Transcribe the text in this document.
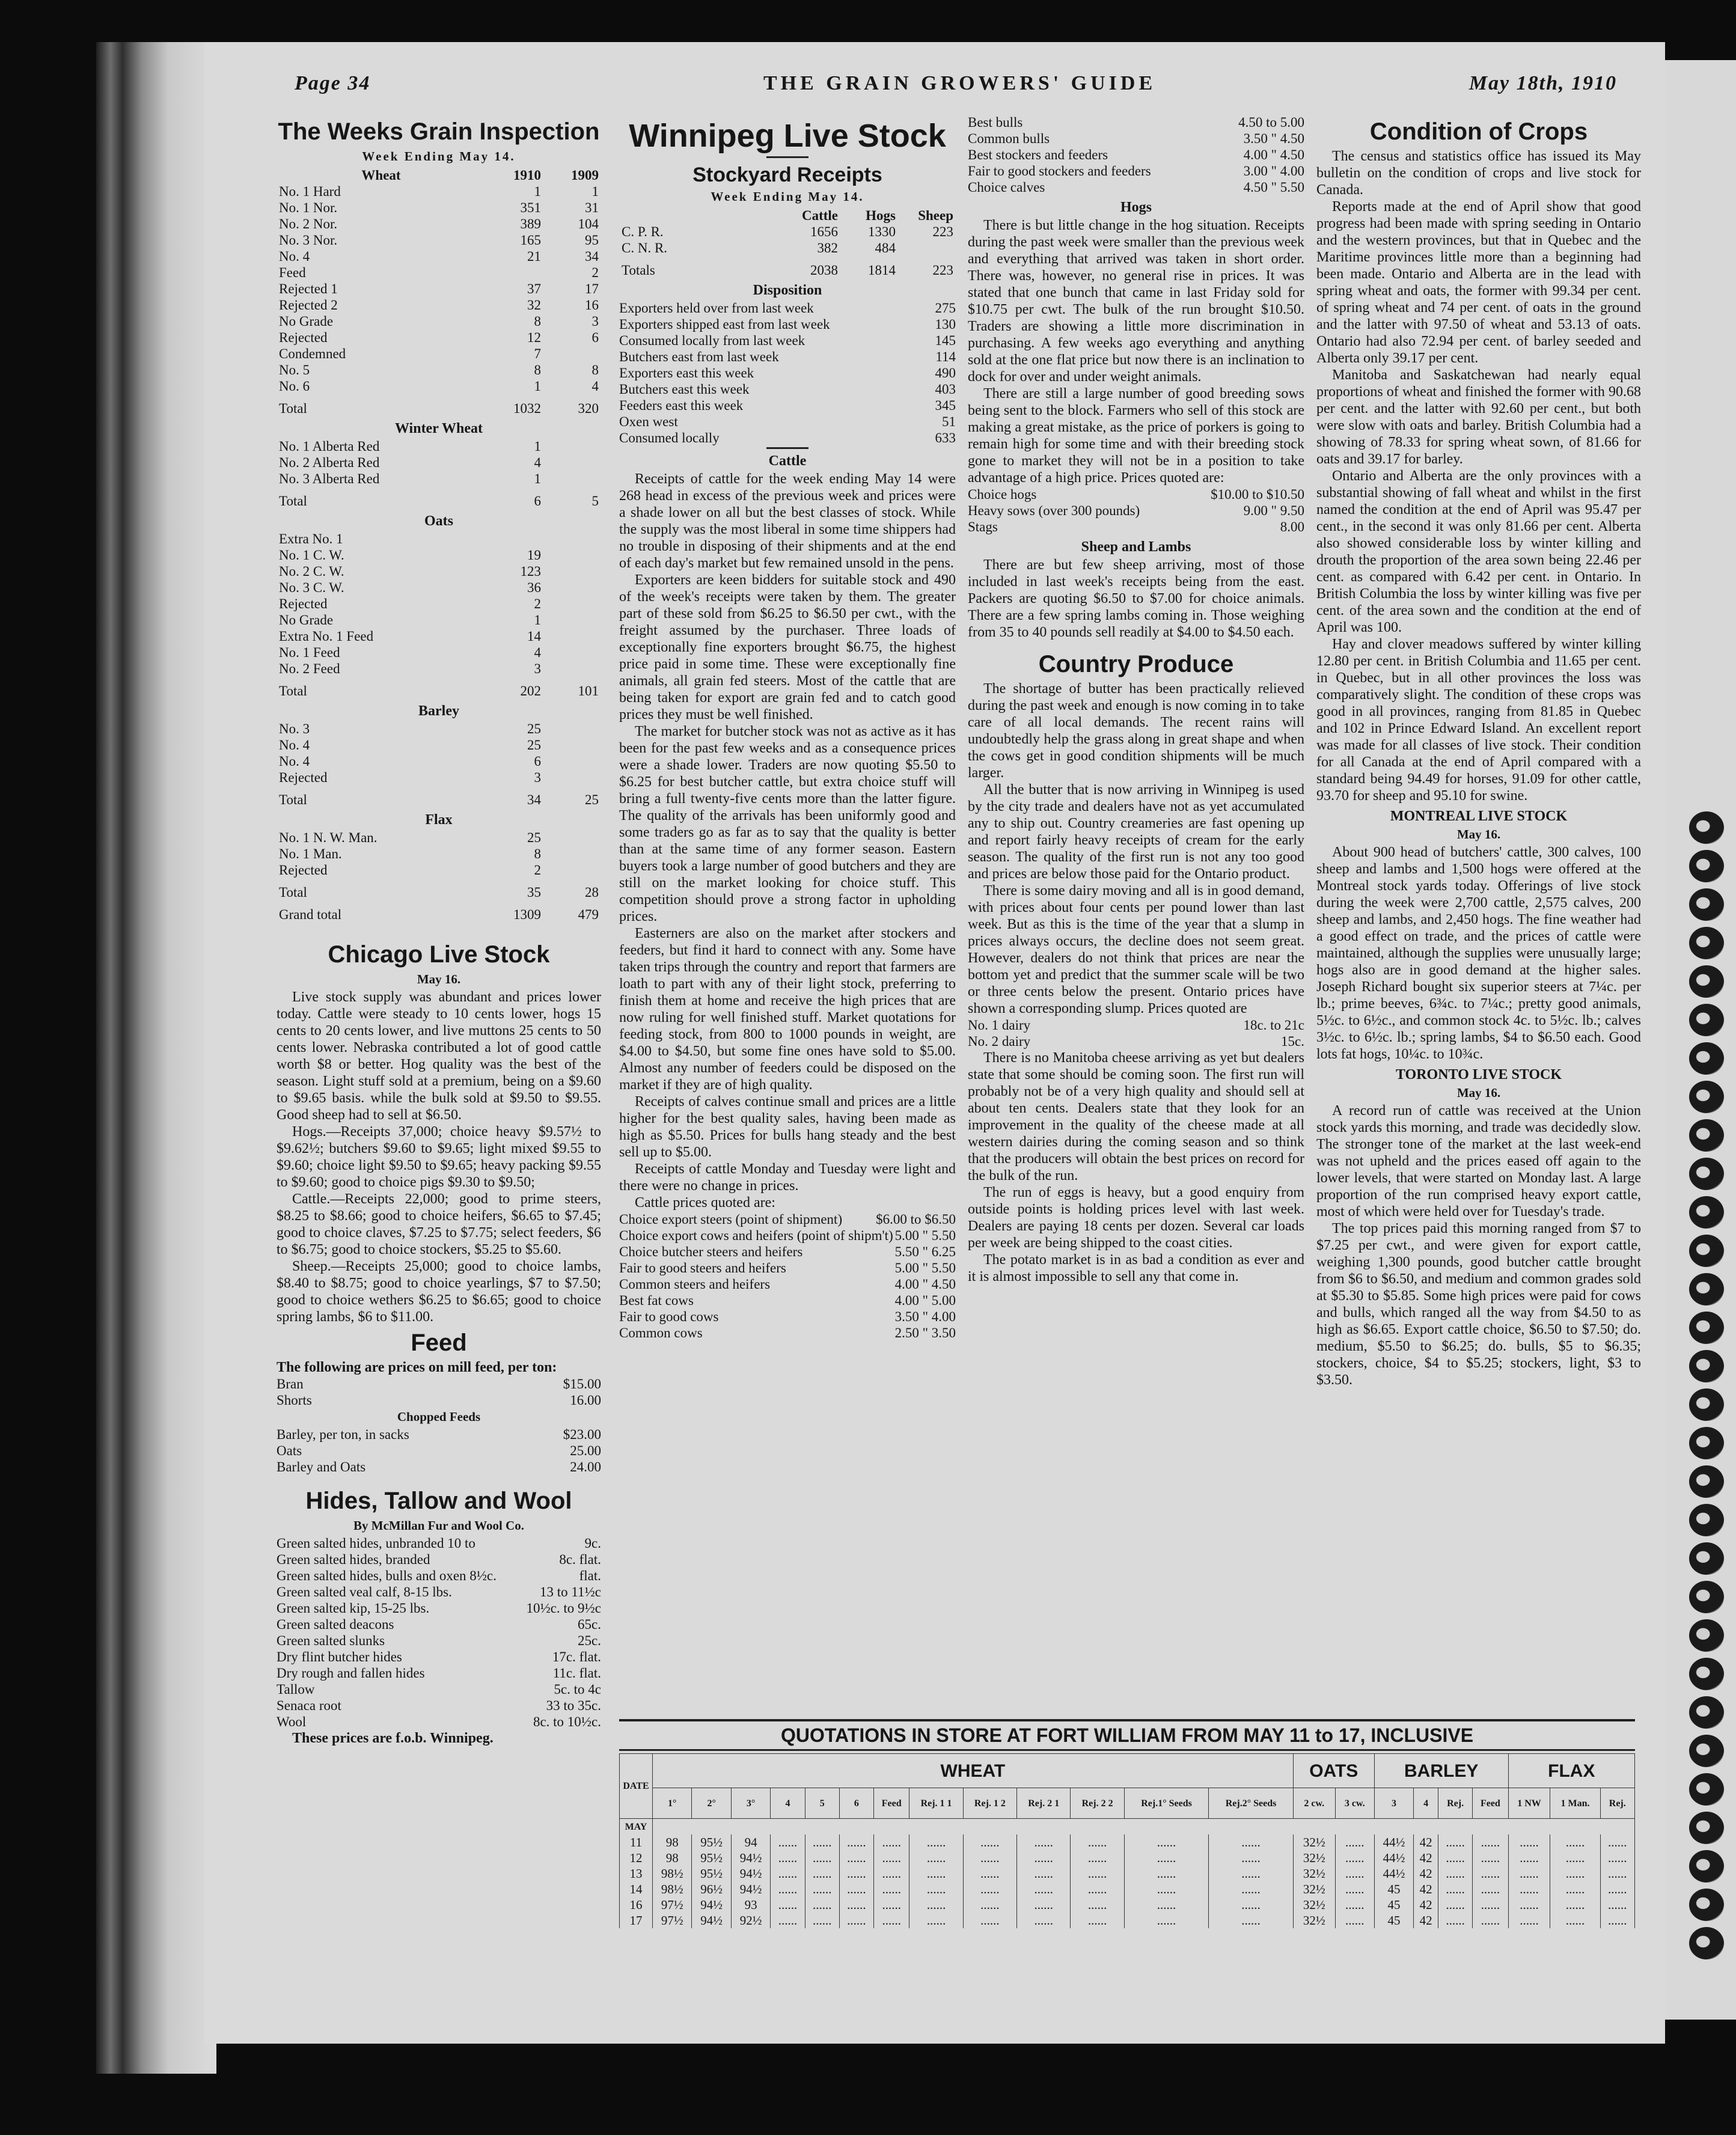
Page 34	THE GRAIN GROWERS' GUIDE	May 18th, 1910
The Weeks Grain Inspection
Week Ending May 14.
Wheat	1910	1909
No. 1 Hard	1	1
No. 1 Nor.	351	31
No. 2 Nor.	389	104
No. 3 Nor.	165	95
No. 4	21	34
Feed		2
Rejected 1	37	17
Rejected 2	32	16
No Grade	8	3
Rejected	12	6
Condemned	7	
No. 5	8	8
No. 6	1	4
Total	1032	320
Winter Wheat
No. 1 Alberta Red	1	
No. 2 Alberta Red	4	
No. 3 Alberta Red	1	
Total	6	5
Oats
Extra No. 1		
No. 1 C. W.	19	
No. 2 C. W.	123	
No. 3 C. W.	36	
Rejected	2	
No Grade	1	
Extra No. 1 Feed	14	
No. 1 Feed	4	
No. 2 Feed	3	
Total	202	101
Barley
No. 3	25	
No. 4	25	
No. 4	6	
Rejected	3	
Total	34	25
Flax
No. 1 N. W. Man.	25	
No. 1 Man.	8	
Rejected	2	
Total	35	28
Grand total	1309	479
Chicago Live Stock
May 16.

Live stock supply was abundant and prices lower today. Cattle were steady to 10 cents lower, hogs 15 cents to 20 cents lower, and live muttons 25 cents to 50 cents lower. Nebraska contributed a lot of good cattle worth $8 or better. Hog quality was the best of the season. Light stuff sold at a premium, being on a $9.60 to $9.65 basis. while the bulk sold at $9.50 to $9.55. Good sheep had to sell at $6.50.

Hogs.—Receipts 37,000; choice heavy $9.57½ to $9.62½; butchers $9.60 to $9.65; light mixed $9.55 to $9.60; choice light $9.50 to $9.65; heavy packing $9.55 to $9.60; good to choice pigs $9.30 to $9.50;

Cattle.—Receipts 22,000; good to prime steers, $8.25 to $8.66; good to choice heifers, $6.65 to $7.45; good to choice claves, $7.25 to $7.75; select feeders, $6 to $6.75; good to choice stockers, $5.25 to $5.60.

Sheep.—Receipts 25,000; good to choice lambs, $8.40 to $8.75; good to choice yearlings, $7 to $7.50; good to choice wethers $6.25 to $6.65; good to choice spring lambs, $6 to $11.00.

Feed

The following are prices on mill feed, per ton:

Bran	$15.00
Shorts	16.00
Chopped Feeds
Barley, per ton, in sacks	$23.00
Oats	25.00
Barley and Oats	24.00
Hides, Tallow and Wool
By McMillan Fur and Wool Co.
Green salted hides, unbranded 10 to	9c.
Green salted hides, branded	8c. flat.
Green salted hides, bulls and oxen 8½c.	flat.
Green salted veal calf, 8-15 lbs.	13 to 11½c
Green salted kip, 15-25 lbs.	10½c. to 9½c
Green salted deacons	65c.
Green salted slunks	25c.
Dry flint butcher hides	17c. flat.
Dry rough and fallen hides	11c. flat.
Tallow	5c. to 4c
Senaca root	33 to 35c.
Wool	8c. to 10½c.

These prices are f.o.b. Winnipeg.

Winnipeg Live Stock
Stockyard Receipts
Week Ending May 14.
	Cattle	Hogs	Sheep
C. P. R.	1656	1330	223
C. N. R.	382	484	
Totals	2038	1814	223
Disposition
Exporters held over from last week	275
Exporters shipped east from last week	130
Consumed locally from last week	145
Butchers east from last week	114
Exporters east this week	490
Butchers east this week	403
Feeders east this week	345
Oxen west	51
Consumed locally	633
Cattle

Receipts of cattle for the week ending May 14 were 268 head in excess of the previous week and prices were a shade lower on all but the best classes of stock. While the supply was the most liberal in some time shippers had no trouble in disposing of their shipments and at the end of each day's market but few remained unsold in the pens.

Exporters are keen bidders for suitable stock and 490 of the week's receipts were taken by them. The greater part of these sold from $6.25 to $6.50 per cwt., with the freight assumed by the purchaser. Three loads of exceptionally fine exporters brought $6.75, the highest price paid in some time. These were exceptionally fine animals, all grain fed steers. Most of the cattle that are being taken for export are grain fed and to catch good prices they must be well finished.

The market for butcher stock was not as active as it has been for the past few weeks and as a consequence prices were a shade lower. Traders are now quoting $5.50 to $6.25 for best butcher cattle, but extra choice stuff will bring a full twenty-five cents more than the latter figure. The quality of the arrivals has been uniformly good and some traders go as far as to say that the quality is better than at the same time of any former season. Eastern buyers took a large number of good butchers and they are still on the market looking for choice stuff. This competition should prove a strong factor in upholding prices.

Easterners are also on the market after stockers and feeders, but find it hard to connect with any. Some have taken trips through the country and report that farmers are loath to part with any of their light stock, preferring to finish them at home and receive the high prices that are now ruling for well finished stuff. Market quotations for feeding stock, from 800 to 1000 pounds in weight, are $4.00 to $4.50, but some fine ones have sold to $5.00. Almost any number of feeders could be disposed on the market if they are of high quality.

Receipts of calves continue small and prices are a little higher for the best quality sales, having been made as high as $5.50. Prices for bulls hang steady and the best sell up to $5.00.

Receipts of cattle Monday and Tuesday were light and there were no change in prices.

Cattle prices quoted are:

Choice export steers (point of shipment) $6.00 to $6.50
Choice export cows and heifers (point of shipm't) 5.00 " 5.50
Choice butcher steers and heifers	5.50 " 6.25
Fair to good steers and heifers	5.00 " 5.50
Common steers and heifers	4.00 " 4.50
Best fat cows	4.00 " 5.00
Fair to good cows	3.50 " 4.00
Common cows	2.50 " 3.50
Best bulls	4.50 to 5.00
Common bulls	3.50 " 4.50
Best stockers and feeders	4.00 " 4.50
Fair to good stockers and feeders	3.00 " 4.00
Choice calves	4.50 " 5.50
Hogs

There is but little change in the hog situation. Receipts during the past week were smaller than the previous week and everything that arrived was taken in short order. There was, however, no general rise in prices. It was stated that one bunch that came in last Friday sold for $10.75 per cwt. The bulk of the run brought $10.50. Traders are showing a little more discrimination in purchasing. A few weeks ago everything and anything sold at the one flat price but now there is an inclination to dock for over and under weight animals.

There are still a large number of good breeding sows being sent to the block. Farmers who sell of this stock are making a great mistake, as the price of porkers is going to remain high for some time and with their breeding stock gone to market they will not be in a position to take advantage of a high price. Prices quoted are:

Choice hogs	$10.00 to $10.50
Heavy sows (over 300 pounds)	9.00 " 9.50
Stags	8.00
Sheep and Lambs

There are but few sheep arriving, most of those included in last week's receipts being from the east. Packers are quoting $6.50 to $7.00 for choice animals. There are a few spring lambs coming in. Those weighing from 35 to 40 pounds sell readily at $4.00 to $4.50 each.

Country Produce

The shortage of butter has been practically relieved during the past week and enough is now coming in to take care of all local demands. The recent rains will undoubtedly help the grass along in great shape and when the cows get in good condition shipments will be much larger.

All the butter that is now arriving in Winnipeg is used by the city trade and dealers have not as yet accumulated any to ship out. Country creameries are fast opening up and report fairly heavy receipts of cream for the early season. The quality of the first run is not any too good and prices are below those paid for the Ontario product.

There is some dairy moving and all is in good demand, with prices about four cents per pound lower than last week. But as this is the time of the year that a slump in prices always occurs, the decline does not seem great. However, dealers do not think that prices are near the bottom yet and predict that the summer scale will be two or three cents below the present. Ontario prices have shown a corresponding slump. Prices quoted are

No. 1 dairy	18c. to 21c
No. 2 dairy	15c.

There is no Manitoba cheese arriving as yet but dealers state that some should be coming soon. The first run will probably not be of a very high quality and should sell at about ten cents. Dealers state that they look for an improvement in the quality of the cheese made at all western dairies during the coming season and so think that the producers will obtain the best prices on record for the bulk of the run.

The run of eggs is heavy, but a good enquiry from outside points is holding prices level with last week. Dealers are paying 18 cents per dozen. Several car loads per week are being shipped to the coast cities.

The potato market is in as bad a condition as ever and it is almost impossible to sell any that come in.

Condition of Crops

The census and statistics office has issued its May bulletin on the condition of crops and live stock for Canada.

Reports made at the end of April show that good progress had been made with spring seeding in Ontario and the western provinces, but that in Quebec and the Maritime provinces little more than a beginning had been made. Ontario and Alberta are in the lead with spring wheat and oats, the former with 99.34 per cent. of spring wheat and 74 per cent. of oats in the ground and the latter with 97.50 of wheat and 53.13 of oats. Ontario had also 72.94 per cent. of barley seeded and Alberta only 39.17 per cent.

Manitoba and Saskatchewan had nearly equal proportions of wheat and finished the former with 90.68 per cent. and the latter with 92.60 per cent., but both were slow with oats and barley. British Columbia had a showing of 78.33 for spring wheat sown, of 81.66 for oats and 39.17 for barley.

Ontario and Alberta are the only provinces with a substantial showing of fall wheat and whilst in the first named the condition at the end of April was 95.47 per cent., in the second it was only 81.66 per cent. Alberta also showed considerable loss by winter killing and drouth the proportion of the area sown being 22.46 per cent. as compared with 6.42 per cent. in Ontario. In British Columbia the loss by winter killing was five per cent. of the area sown and the condition at the end of April was 100.

Hay and clover meadows suffered by winter killing 12.80 per cent. in British Columbia and 11.65 per cent. in Quebec, but in all other provinces the loss was comparatively slight. The condition of these crops was good in all provinces, ranging from 81.85 in Quebec and 102 in Prince Edward Island. An excellent report was made for all classes of live stock. Their condition for all Canada at the end of April compared with a standard being 94.49 for horses, 91.09 for other cattle, 93.70 for sheep and 95.10 for swine.

MONTREAL LIVE STOCK
May 16.

About 900 head of butchers' cattle, 300 calves, 100 sheep and lambs and 1,500 hogs were offered at the Montreal stock yards today. Offerings of live stock during the week were 2,700 cattle, 2,575 calves, 200 sheep and lambs, and 2,450 hogs. The fine weather had a good effect on trade, and the prices of cattle were maintained, although the supplies were unusually large; hogs also are in good demand at the higher sales. Joseph Richard bought six superior steers at 7¼c. per lb.; prime beeves, 6¾c. to 7¼c.; pretty good animals, 5½c. to 6½c., and common stock 4c. to 5½c. lb.; calves 3½c. to 6½c. lb.; spring lambs, $4 to $6.50 each. Good lots fat hogs, 10¼c. to 10¾c.

TORONTO LIVE STOCK
May 16.

A record run of cattle was received at the Union stock yards this morning, and trade was decidedly slow. The stronger tone of the market at the last week-end was not upheld and the prices eased off again to the lower levels, that were started on Monday last. A large proportion of the run comprised heavy export cattle, most of which were held over for Tuesday's trade.

The top prices paid this morning ranged from $7 to $7.25 per cwt., and were given for export cattle, weighing 1,300 pounds, good butcher cattle brought from $6 to $6.50, and medium and common grades sold at $5.30 to $5.85. Some high prices were paid for cows and bulls, which ranged all the way from $4.50 to as high as $6.65. Export cattle choice, $6.50 to $7.50; do. medium, $5.50 to $6.25; do. bulls, $5 to $6.35; stockers, choice, $4 to $5.25; stockers, light, $3 to $3.50.

QUOTATIONS IN STORE AT FORT WILLIAM FROM MAY 11 to 17, INCLUSIVE
DATE	WHEAT													OATS		BARLEY				FLAX		
	1°	2°	3°	4	5	6	Feed	Rej. 1 1	Rej. 1 2	Rej. 2 1	Rej. 2 2	Rej.1° Seeds	Rej.2° Seeds	2 cw.	3 cw.	3	4	Rej.	Feed	1 NW	1 Man.	Rej.
MAY																						
11	98	95½	94	......	......	......	......	......	......	......	......	......	......	32½	......	44½	42	......	......	......	......	......
12	98	95½	94½	......	......	......	......	......	......	......	......	......	......	32½	......	44½	42	......	......	......	......	......
13	98½	95½	94½	......	......	......	......	......	......	......	......	......	......	32½	......	44½	42	......	......	......	......	......
14	98½	96½	94½	......	......	......	......	......	......	......	......	......	......	32½	......	45	42	......	......	......	......	......
16	97½	94½	93	......	......	......	......	......	......	......	......	......	......	32½	......	45	42	......	......	......	......	......
17	97½	94½	92½	......	......	......	......	......	......	......	......	......	......	32½	......	45	42	......	......	......	......	......
